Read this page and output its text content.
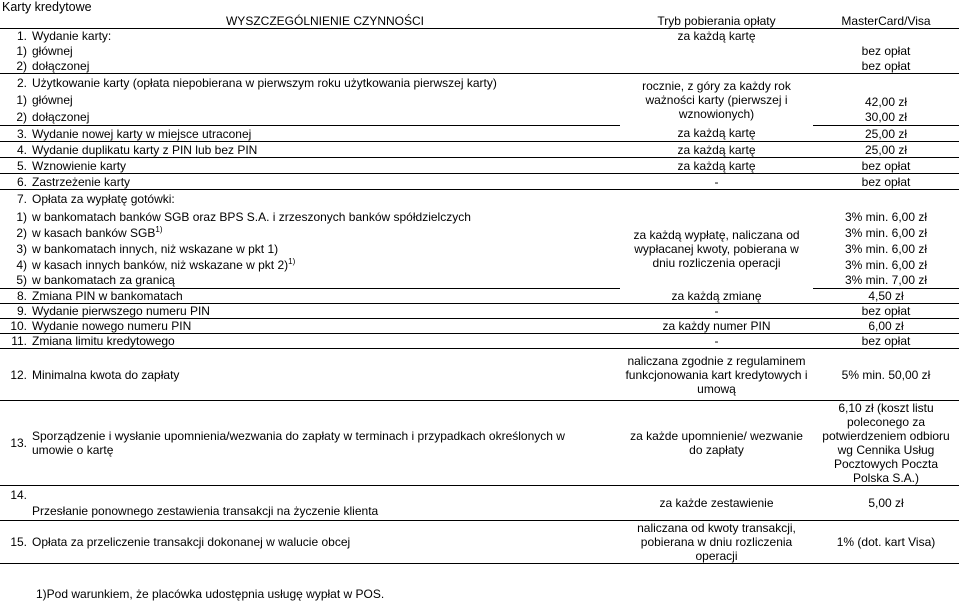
Karty kredytowe
	WYSZCZEGÓLNIENIE CZYNNOŚCI	Tryb pobierania opłaty	MasterCard/Visa
1.	Wydanie karty:	za każdą kartę	
1)	głównej		bez opłat
2)	dołączonej		bez opłat
2.	Użytkowanie karty (opłata niepobierana w pierwszym roku użytkowania pierwszej karty)	rocznie, z góry za każdy rok ważności karty (pierwszej i wznowionych)	
1)	głównej		42,00 zł
2)	dołączonej		30,00 zł
3.	Wydanie nowej karty w miejsce utraconej	za każdą kartę	25,00 zł
4.	Wydanie duplikatu karty z PIN lub bez PIN	za każdą kartę	25,00 zł
5.	Wznowienie karty	za każdą kartę	bez opłat
6.	Zastrzeżenie karty	-	bez opłat
7.	Opłata za wypłatę gotówki:		
1)	w bankomatach banków SGB oraz BPS S.A. i zrzeszonych banków spółdzielczych	za każdą wypłatę, naliczana od wypłacanej kwoty, pobierana w dniu rozliczenia operacji	3% min. 6,00 zł
2)	w kasach banków SGB$^{1)}$		3% min. 6,00 zł
3)	w bankomatach innych, niż wskazane w pkt 1)		3% min. 6,00 zł
4)	w kasach innych banków, niż wskazane w pkt 2)$^{1)}$		3% min. 6,00 zł
5)	w bankomatach za granicą		3% min. 7,00 zł
8.	Zmiana PIN w bankomatach	za każdą zmianę	4,50 zł
9.	Wydanie pierwszego numeru PIN	-	bez opłat
10.	Wydanie nowego numeru PIN	za każdy numer PIN	6,00 zł
11.	Zmiana limitu kredytowego	-	bez opłat
12.	Minimalna kwota do zapłaty	naliczana zgodnie z regulaminem funkcjonowania kart kredytowych i umową	5% min. 50,00 zł
13.	Sporządzenie i wysłanie upomnienia/wezwania do zapłaty w terminach i przypadkach określonych w umowie o kartę	za każde upomnienie/ wezwanie do zapłaty	6,10 zł (koszt listu poleconego za potwierdzeniem odbioru wg Cennika Usług Pocztowych Poczta Polska S.A.)
14.	Przesłanie ponownego zestawienia transakcji na życzenie klienta	za każde zestawienie	5,00 zł
15.	Opłata za przeliczenie transakcji dokonanej w walucie obcej	naliczana od kwoty transakcji, pobierana w dniu rozliczenia operacji	1% (dot. kart Visa)
1)Pod warunkiem, że placówka udostępnia usługę wypłat w POS.
